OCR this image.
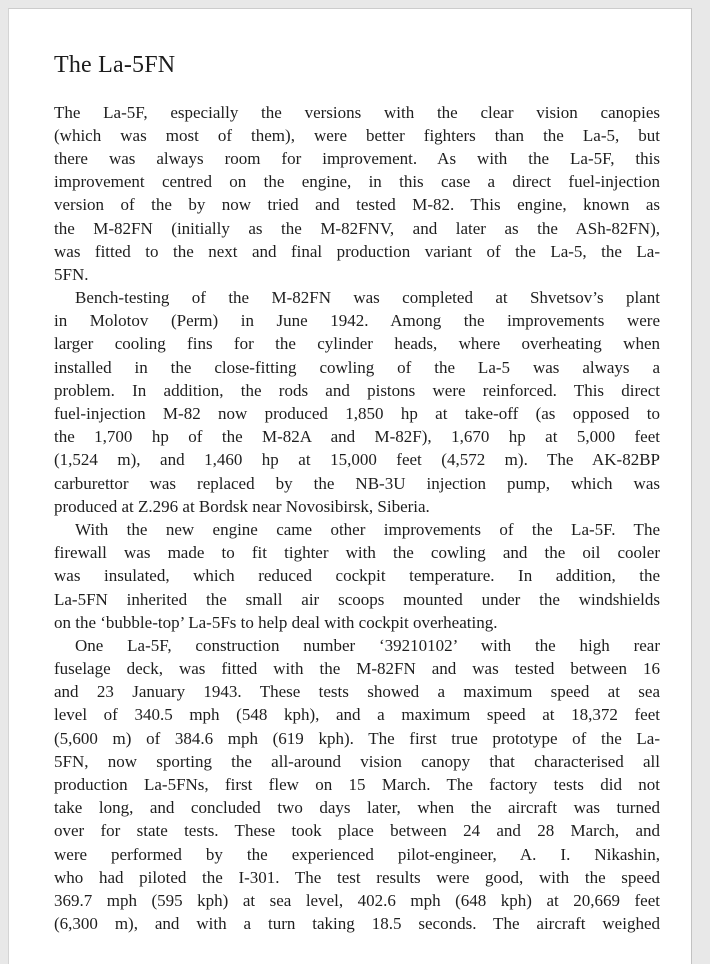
The La-5FN
The La-5F, especially the versions with the clear vision canopies
(which was most of them), were better fighters than the La-5, but
there was always room for improvement. As with the La-5F, this
improvement centred on the engine, in this case a direct fuel-injection
version of the by now tried and tested M-82. This engine, known as
the M-82FN (initially as the M-82FNV, and later as the ASh-82FN),
was fitted to the next and final production variant of the La-5, the La-
5FN.
Bench-testing of the M-82FN was completed at Shvetsov’s plant
in Molotov (Perm) in June 1942. Among the improvements were
larger cooling fins for the cylinder heads, where overheating when
installed in the close-fitting cowling of the La-5 was always a
problem. In addition, the rods and pistons were reinforced. This direct
fuel-injection M-82 now produced 1,850 hp at take-off (as opposed to
the 1,700 hp of the M-82A and M-82F), 1,670 hp at 5,000 feet
(1,524 m), and 1,460 hp at 15,000 feet (4,572 m). The AK-82BP
carburettor was replaced by the NB-3U injection pump, which was
produced at Z.296 at Bordsk near Novosibirsk, Siberia.
With the new engine came other improvements of the La-5F. The
firewall was made to fit tighter with the cowling and the oil cooler
was insulated, which reduced cockpit temperature. In addition, the
La-5FN inherited the small air scoops mounted under the windshields
on the ‘bubble-top’ La-5Fs to help deal with cockpit overheating.
One La-5F, construction number ‘39210102’ with the high rear
fuselage deck, was fitted with the M-82FN and was tested between 16
and 23 January 1943. These tests showed a maximum speed at sea
level of 340.5 mph (548 kph), and a maximum speed at 18,372 feet
(5,600 m) of 384.6 mph (619 kph). The first true prototype of the La-
5FN, now sporting the all-around vision canopy that characterised all
production La-5FNs, first flew on 15 March. The factory tests did not
take long, and concluded two days later, when the aircraft was turned
over for state tests. These took place between 24 and 28 March, and
were performed by the experienced pilot-engineer, A. I. Nikashin,
who had piloted the I-301. The test results were good, with the speed
369.7 mph (595 kph) at sea level, 402.6 mph (648 kph) at 20,669 feet
(6,300 m), and with a turn taking 18.5 seconds. The aircraft weighed
